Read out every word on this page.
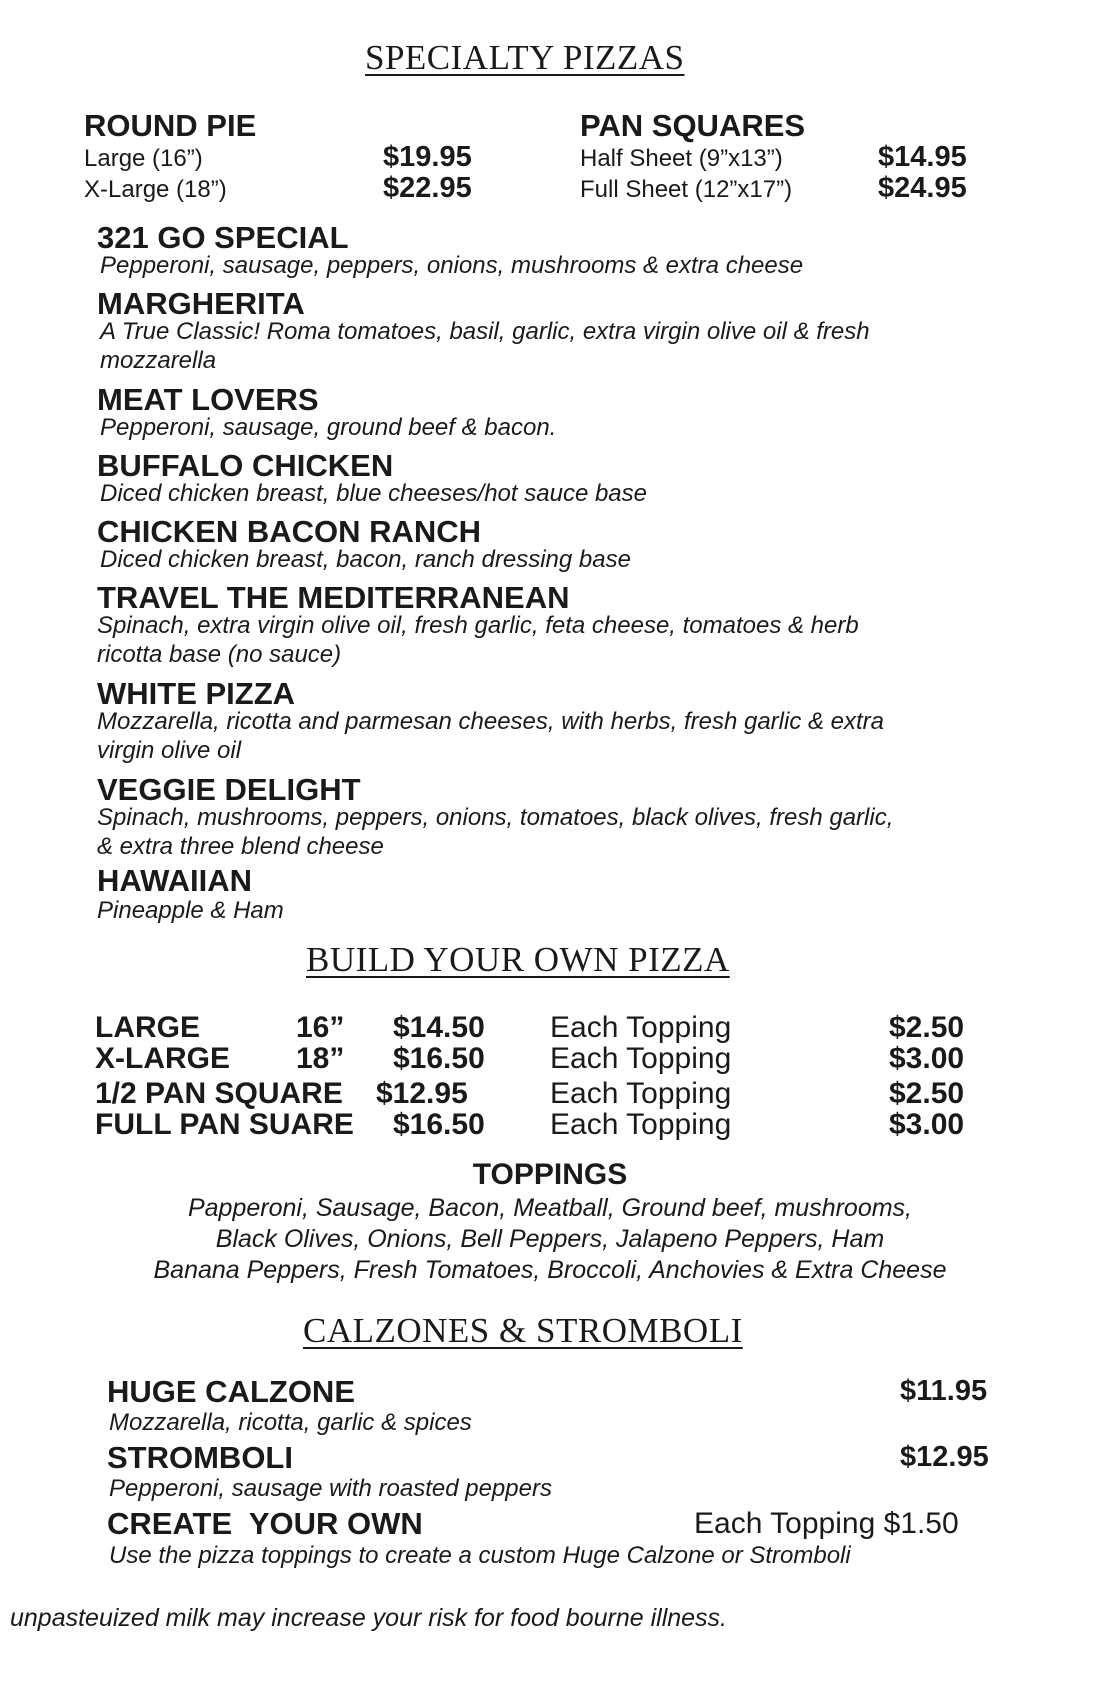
SPECIALTY PIZZAS
ROUND PIE
Large (16”)	$19.95
X-Large (18”)	$22.95
PAN SQUARES
Half Sheet (9”x13”)	$14.95
Full Sheet (12”x17”)	$24.95
321 GO SPECIAL
Pepperoni, sausage, peppers, onions, mushrooms & extra cheese
MARGHERITA
A True Classic! Roma tomatoes, basil, garlic, extra virgin olive oil & fresh mozzarella
MEAT LOVERS
Pepperoni, sausage, ground beef & bacon.
BUFFALO CHICKEN
Diced chicken breast, blue cheeses/hot sauce base
CHICKEN BACON RANCH
Diced chicken breast, bacon, ranch dressing base
TRAVEL THE MEDITERRANEAN
Spinach, extra virgin olive oil, fresh garlic, feta cheese, tomatoes & herb ricotta base (no sauce)
WHITE PIZZA
Mozzarella, ricotta and parmesan cheeses, with herbs, fresh garlic & extra virgin olive oil
VEGGIE DELIGHT
Spinach, mushrooms, peppers, onions, tomatoes, black olives, fresh garlic, & extra three blend cheese
HAWAIIAN
Pineapple & Ham
BUILD YOUR OWN PIZZA
LARGE	16” $14.50 Each Topping	$2.50
X-LARGE 18” $16.50 Each Topping	$3.00
1/2 PAN SQUARE $12.95	Each Topping	$2.50
FULL PAN SUARE $16.50 Each Topping	$3.00
TOPPINGS
Papperoni, Sausage, Bacon, Meatball, Ground beef, mushrooms,
Black Olives, Onions, Bell Peppers, Jalapeno Peppers, Ham
Banana Peppers, Fresh Tomatoes, Broccoli, Anchovies & Extra Cheese
CALZONES & STROMBOLI
HUGE CALZONE	$11.95
Mozzarella, ricotta, garlic & spices
STROMBOLI	$12.95
Pepperoni, sausage with roasted peppers
CREATE  YOUR OWN	Each Topping $1.50
Use the pizza toppings to create a custom Huge Calzone or Stromboli
unpasteuized milk may increase your risk for food bourne illness.
